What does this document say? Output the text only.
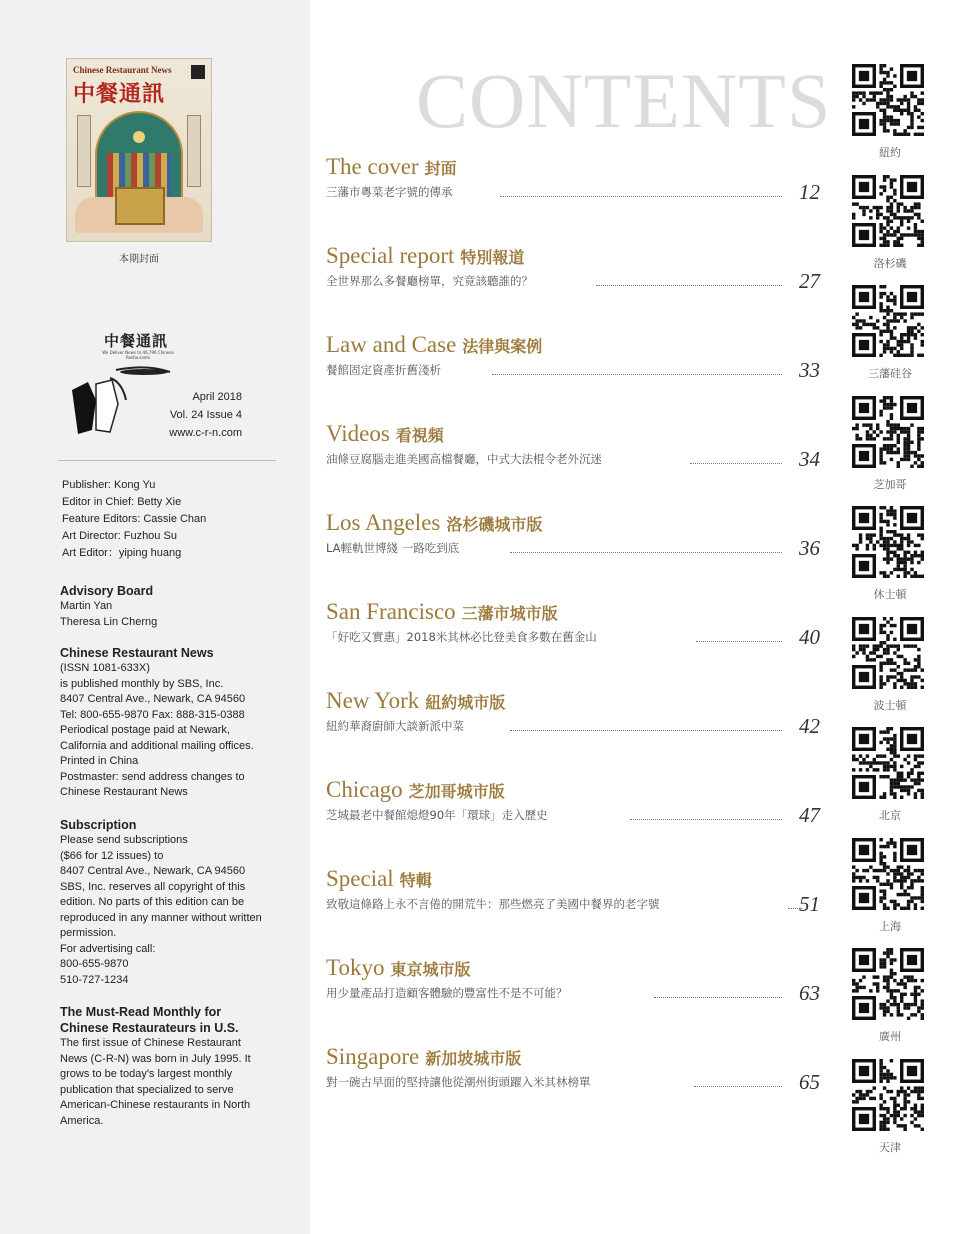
Chinese Restaurant News
中餐通訊
本期封面
中餐通訊
We Deliver News to 46,796 Chinese Restaurants
April 2018
Vol. 24 Issue 4
www.c-r-n.com
Publisher: Kong Yu
Editor in Chief: Betty Xie
Feature Editors: Cassie Chan
Art Director: Fuzhou Su
Art Editor：yiping huang
Advisory Board

Martin Yan

Theresa Lin Cherng

Chinese Restaurant News

(ISSN 1081-633X)

is published monthly by SBS, Inc.

8407 Central Ave., Newark, CA 94560

Tel: 800-655-9870 Fax: 888-315-0388

Periodical postage paid at Newark,

California and additional mailing offices.

Printed in China

Postmaster: send address changes to

Chinese Restaurant News

Subscription

Please send subscriptions

($66 for 12 issues) to

8407 Central Ave., Newark, CA 94560

SBS, Inc. reserves all copyright of this

edition. No parts of this edition can be

reproduced in any manner without written

permission.

For advertising call:

800-655-9870

510-727-1234

The Must-Read Monthly for
Chinese Restaurateurs in U.S.

The first issue of Chinese Restaurant

News (C-R-N) was born in July 1995. It

grows to be today's largest monthly

publication that specialized to serve

American-Chinese restaurants in North

America.

CONTENTS
The cover 封面
三藩市粵菜老字號的傳承	12
Special report 特別報道
全世界那么多餐廳榜單，究竟該聽誰的？	27
Law and Case 法律與案例
餐館固定資產折舊淺析	33
Videos 看視頻
油條豆腐腦走進美國高檔餐廳，中式大法棍令老外沉迷	34
Los Angeles 洛杉磯城市版
LA輕軌世博綫 一路吃到底	36
San Francisco 三藩市城市版
「好吃又實惠」2018米其林必比登美食多數在舊金山	40
New York 紐約城市版
紐約華裔廚師大談新派中菜	42
Chicago 芝加哥城市版
芝城最老中餐館熄燈90年「環球」走入歷史	47
Special 特輯
致敬這條路上永不言倦的開荒牛：那些燃亮了美國中餐界的老字號	51
Tokyo 東京城市版
用少量產品打造顧客體驗的豐富性不是不可能？	63
Singapore 新加坡城市版
對一碗古早面的堅持讓他從潮州街頭躍入米其林榜單	65
紐約
洛杉磯
三藩硅谷
芝加哥
休士頓
波士頓
北京
上海
廣州
天津
